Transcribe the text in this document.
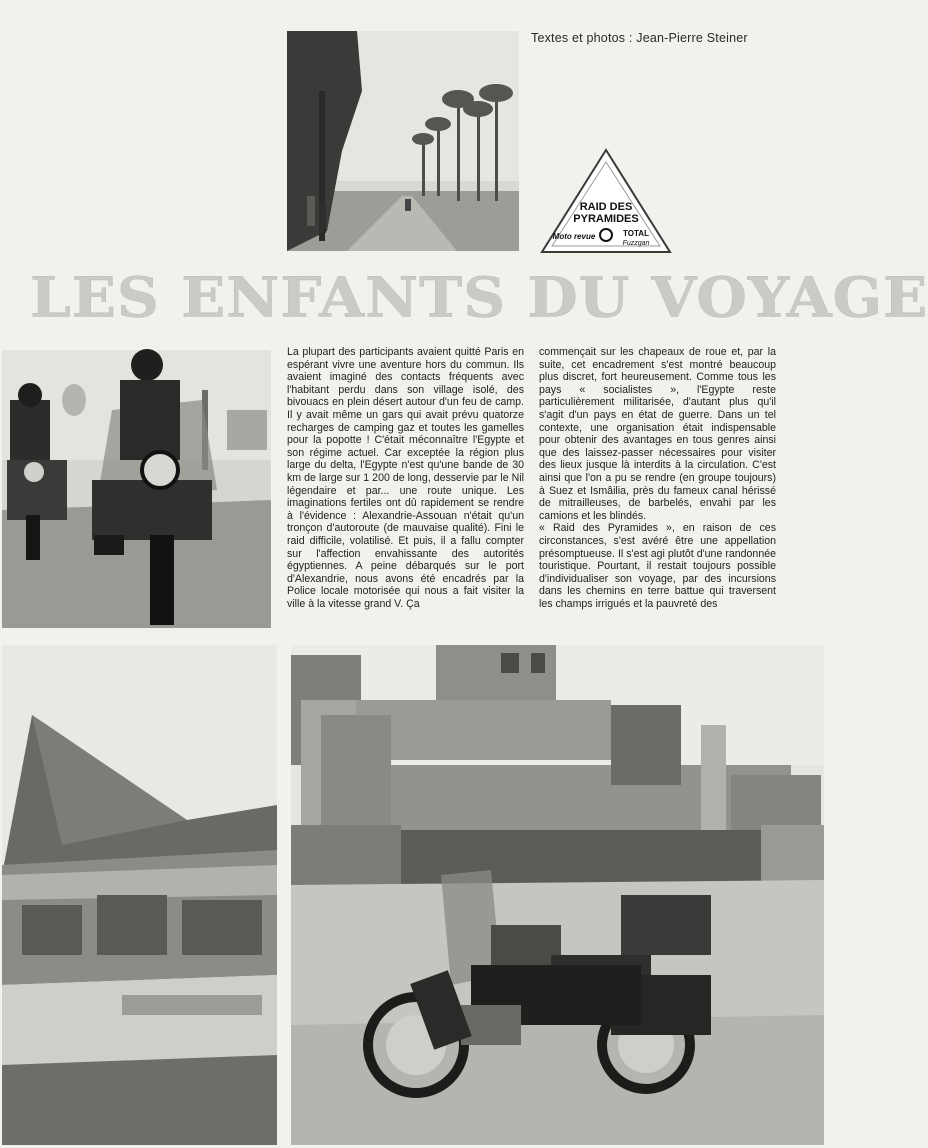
Textes et photos : Jean-Pierre Steiner
RAID DES
PYRAMIDES
Moto revue	TOTAL
Fuzzgan
LES ENFANTS DU VOYAGE

La plupart des participants avaient quitté Paris en espérant vivre une aventure hors du commun. Ils avaient imaginé des contacts fréquents avec l'habitant perdu dans son village isolé, des bivouacs en plein désert autour d'un feu de camp. Il y avait même un gars qui avait prévu quatorze recharges de camping gaz et toutes les gamelles pour la popotte ! C'était méconnaître l'Egypte et son régime actuel. Car exceptée la région plus large du delta, l'Egypte n'est qu'une bande de 30 km de large sur 1 200 de long, desservie par le Nil légendaire et par... une route unique. Les imaginations fertiles ont dû rapidement se rendre à l'évidence : Alexandrie-Assouan n'était qu'un tronçon d'autoroute (de mauvaise qualité). Fini le raid difficile, volatilisé. Et puis, il a fallu compter sur l'affection envahissante des autorités égyptiennes. A peine débarqués sur le port d'Alexandrie, nous avons été encadrés par la Police locale motorisée qui nous a fait visiter la ville à la vitesse grand V. Ça

commençait sur les chapeaux de roue et, par la suite, cet encadrement s'est montré beaucoup plus discret, fort heureusement. Comme tous les pays « socialistes », l'Egypte reste particulièrement militarisée, d'autant plus qu'il s'agit d'un pays en état de guerre. Dans un tel contexte, une organisation était indispensable pour obtenir des avantages en tous genres ainsi que des laissez-passer nécessaires pour visiter des lieux jusque là interdits à la circulation. C'est ainsi que l'on a pu se rendre (en groupe toujours) à Suez et Ismâilia, près du fameux canal hérissé de mitrailleuses, de barbelés, envahi par les camions et les blindés.

« Raid des Pyramides », en raison de ces circonstances, s'est avéré être une appellation présomptueuse. Il s'est agi plutôt d'une randonnée touristique. Pourtant, il restait toujours possible d'individualiser son voyage, par des incursions dans les chemins en terre battue qui traversent les champs irrigués et la pauvreté des
